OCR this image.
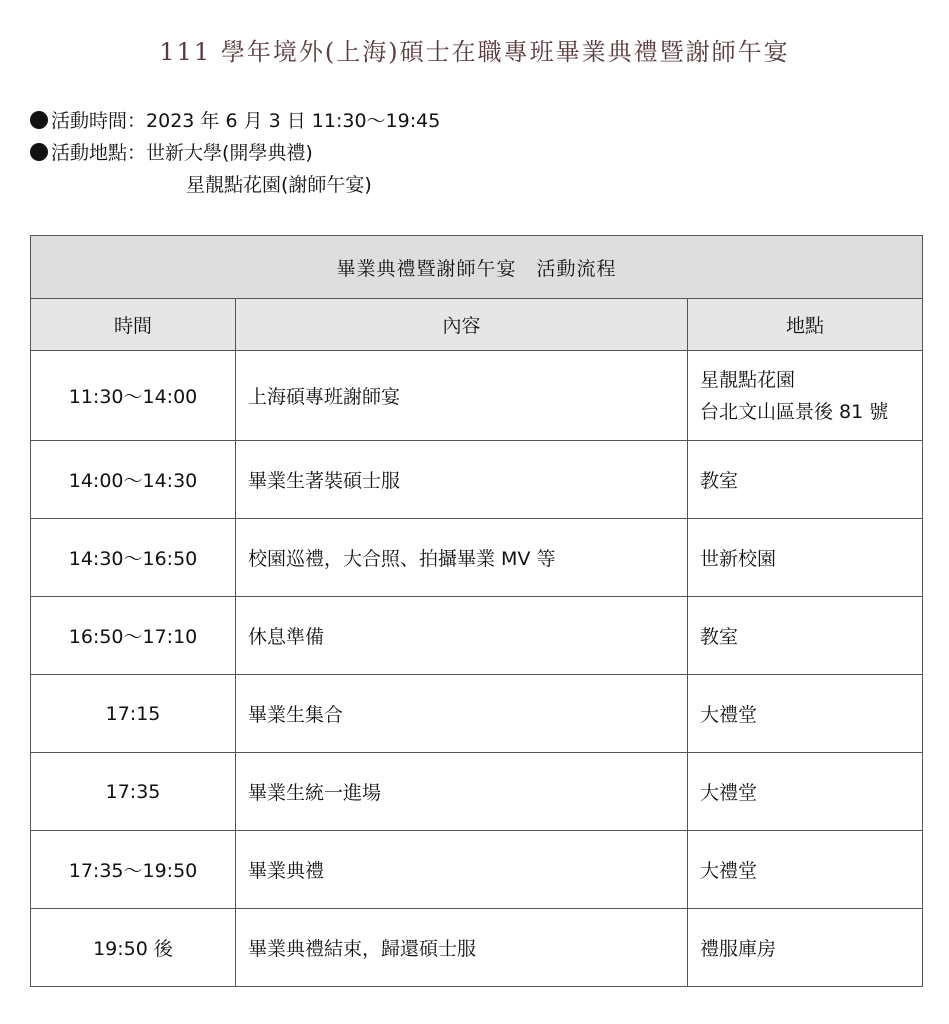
111 學年境外(上海)碩士在職專班畢業典禮暨謝師午宴
活動時間：2023 年 6 月 3 日 11:30～19:45
活動地點：世新大學(開學典禮)
星靚點花園(謝師午宴)
畢業典禮暨謝師午宴　活動流程		
時間	內容	地點
11:30～14:00	上海碩專班謝師宴	星靚點花園
台北文山區景後 81 號

14:00～14:30	畢業生著裝碩士服	教室
14:30～16:50	校園巡禮，大合照、拍攝畢業 MV 等	世新校園
16:50～17:10	休息準備	教室
17:15	畢業生集合	大禮堂
17:35	畢業生統一進場	大禮堂
17:35～19:50	畢業典禮	大禮堂
19:50 後	畢業典禮結束，歸還碩士服	禮服庫房
